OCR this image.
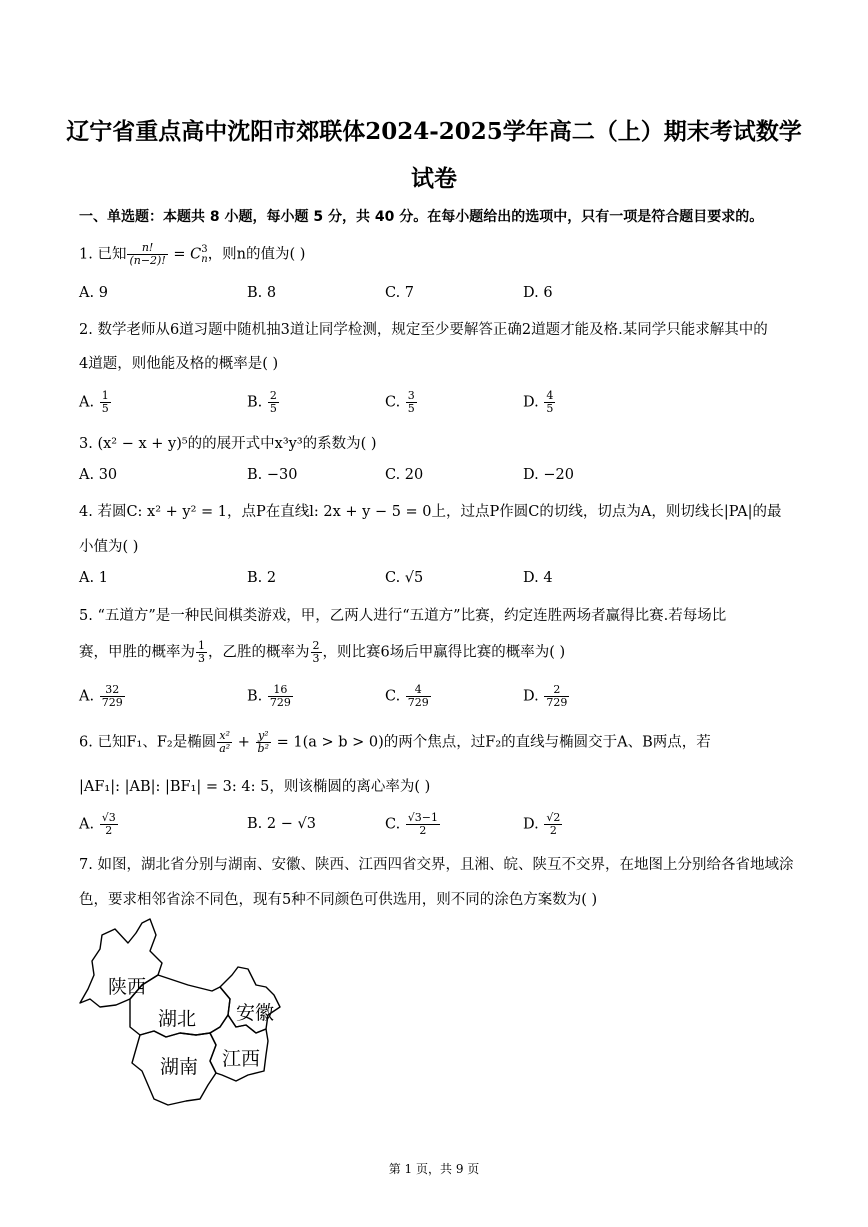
辽宁省重点高中沈阳市郊联体2024-2025学年高二（上）期末考试数学
试卷
一、单选题：本题共 8 小题，每小题 5 分，共 40 分。在每小题给出的选项中，只有一项是符合题目要求的。
1. 已知 $\frac{n!}{(n-2)!} = C$ 3
n ，则n的值为( )
A. 9	B. 8	C. 7	D. 6
2. 数学老师从6道习题中随机抽3道让同学检测，规定至少要解答正确2道题才能及格.某同学只能求解其中的
4道题，则他能及格的概率是( )
A. $\frac{1}{5}$	B. $\frac{2}{5}$	C. $\frac{3}{5}$	D. $\frac{4}{5}$
3. (x² − x + y)⁵的的展开式中x³y³的系数为( )
A. 30	B. −30	C. 20	D. −20
4. 若圆C: x² + y² = 1，点P在直线l: 2x + y − 5 = 0上，过点P作圆C的切线，切点为A，则切线长|PA|的最
小值为( )
A. 1	B. 2	C. √5	D. 4
5. “五道方”是一种民间棋类游戏，甲，乙两人进行“五道方”比赛，约定连胜两场者赢得比赛.若每场比
赛，甲胜的概率为 $\frac{1}{3}$ ，乙胜的概率为 $\frac{2}{3}$ ，则比赛6场后甲赢得比赛的概率为( )
A. $\frac{32}{729}$	B. $\frac{16}{729}$	C. $\frac{4}{729}$	D. $\frac{2}{729}$
6. 已知F₁、F₂是椭圆 $\frac{\text{x²}}{\text{a²}} + \frac{\text{y²}}{\text{b²}} = 1(a > b > 0)$的两个焦点，过F₂的直线与椭圆交于A、B两点，若
|AF₁|: |AB|: |BF₁| = 3: 4: 5，则该椭圆的离心率为( )
A. $\frac{√3}{2}$	B. 2 − √3	C. $\frac{√3-1}{2}$	D. $\frac{√2}{2}$
7. 如图，湖北省分别与湖南、安徽、陕西、江西四省交界，且湘、皖、陕互不交界，在地图上分别给各省地域涂
色，要求相邻省涂不同色，现有5种不同颜色可供选用，则不同的涂色方案数为( )
陕西
湖北 安徽
湖南 江西
第 1 页，共 9 页
